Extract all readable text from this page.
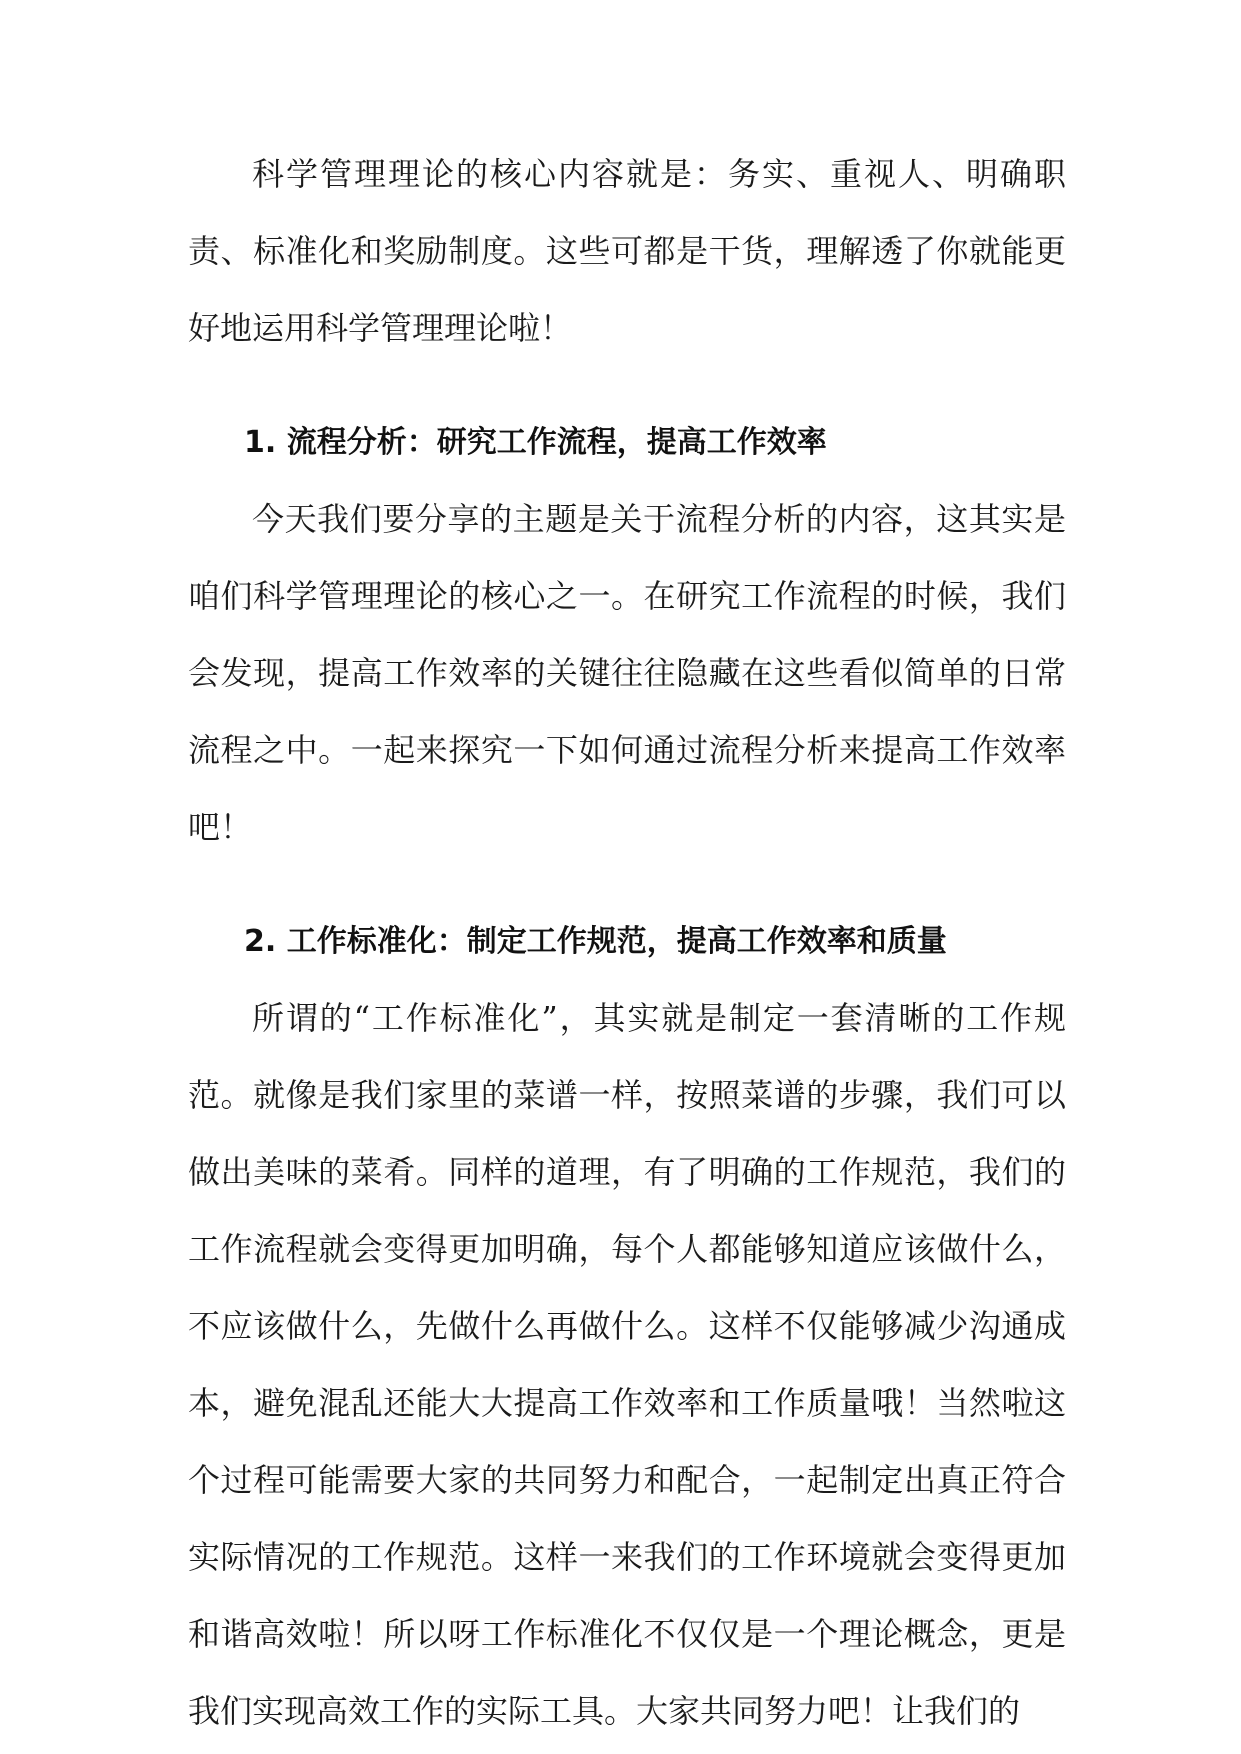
科学管理理论的核心内容就是：务实、重视人、明确职责、标准化和奖励制度。这些可都是干货，理解透了你就能更好地运用科学管理理论啦！

1. 流程分析：研究工作流程，提高工作效率

今天我们要分享的主题是关于流程分析的内容，这其实是咱们科学管理理论的核心之一。在研究工作流程的时候，我们会发现，提高工作效率的关键往往隐藏在这些看似简单的日常流程之中。一起来探究一下如何通过流程分析来提高工作效率吧！

2. 工作标准化：制定工作规范，提高工作效率和质量

所谓的“工作标准化”，其实就是制定一套清晰的工作规范。就像是我们家里的菜谱一样，按照菜谱的步骤，我们可以做出美味的菜肴。同样的道理，有了明确的工作规范，我们的工作流程就会变得更加明确，每个人都能够知道应该做什么，不应该做什么，先做什么再做什么。这样不仅能够减少沟通成本，避免混乱还能大大提高工作效率和工作质量哦！当然啦这个过程可能需要大家的共同努力和配合，一起制定出真正符合实际情况的工作规范。这样一来我们的工作环境就会变得更加和谐高效啦！所以呀工作标准化不仅仅是一个理论概念，更是我们实现高效工作的实际工具。大家共同努力吧！让我们的
